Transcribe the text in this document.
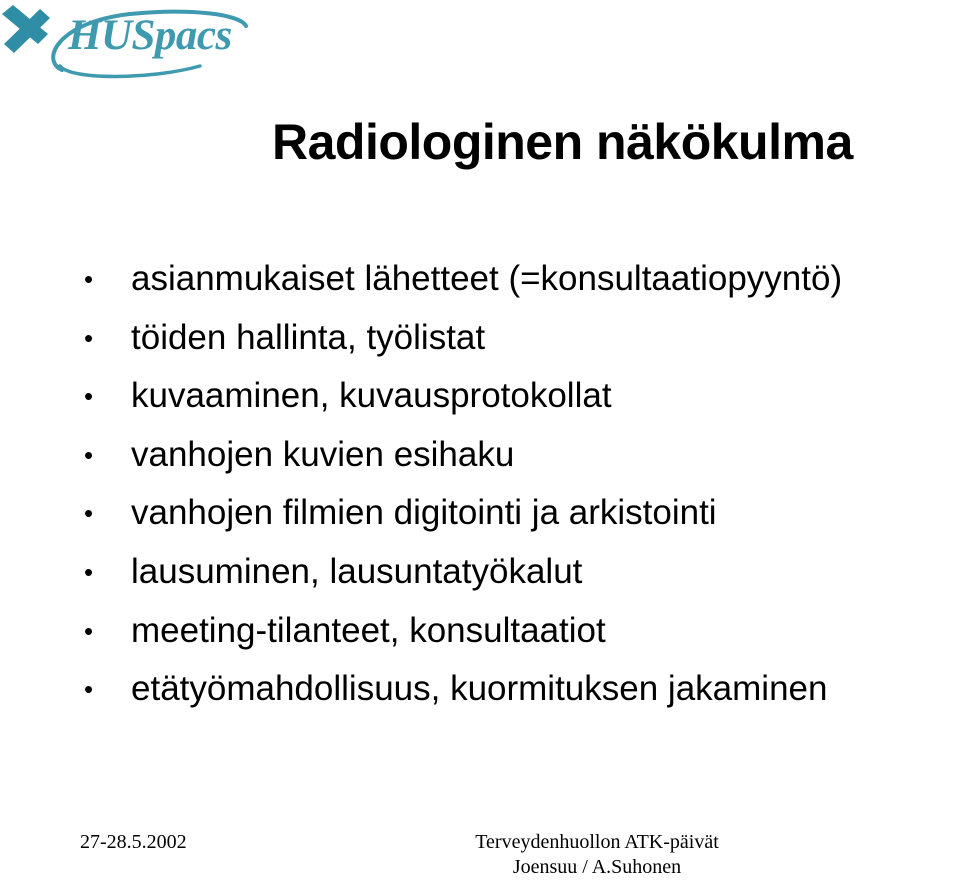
HUSpacs
Radiologinen näkökulma
• asianmukaiset lähetteet (=konsultaatiopyyntö)
• töiden hallinta, työlistat
• kuvaaminen, kuvausprotokollat
• vanhojen kuvien esihaku
• vanhojen filmien digitointi ja arkistointi
• lausuminen, lausuntatyökalut
• meeting-tilanteet, konsultaatiot
• etätyömahdollisuus, kuormituksen jakaminen
27-28.5.2002	Terveydenhuollon ATK-päivät
Joensuu / A.Suhonen
